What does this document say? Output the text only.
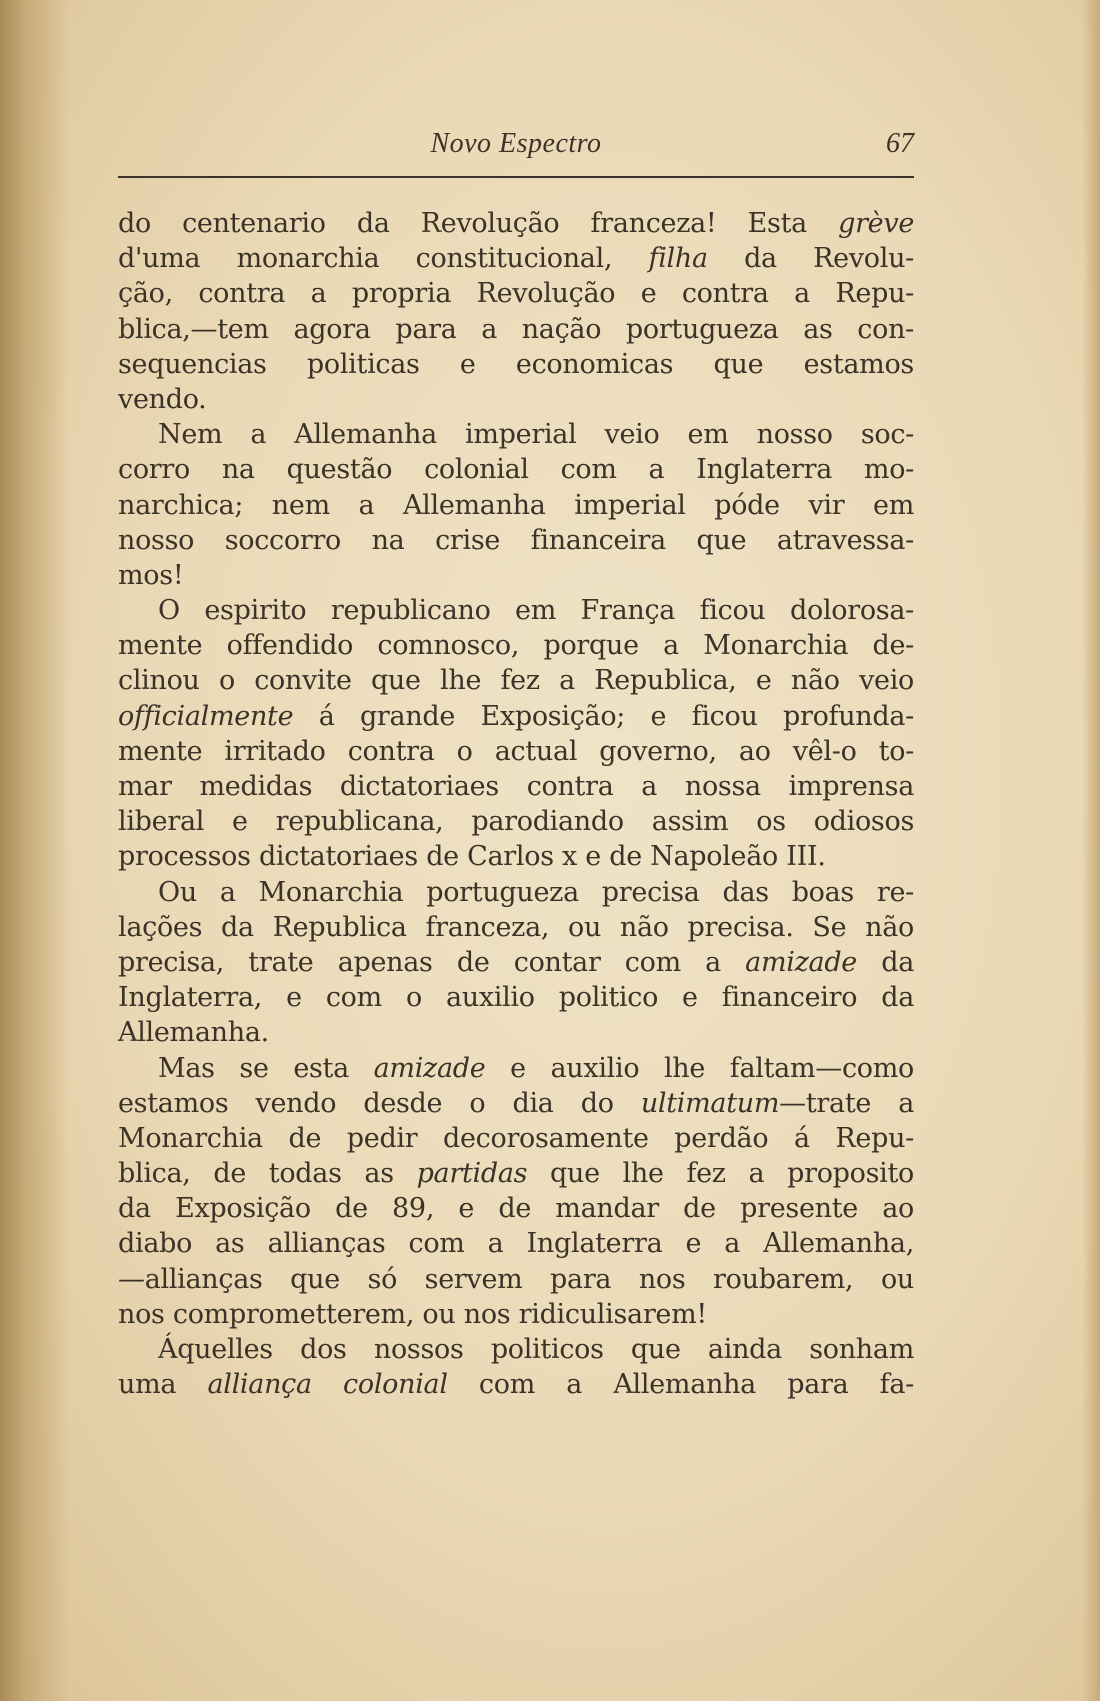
Novo Espectro	67
do centenario da Revolução franceza! Esta grève
d'uma monarchia constitucional, filha da Revolu-
ção, contra a propria Revolução e contra a Repu-
blica,—tem agora para a nação portugueza as con-
sequencias politicas e economicas que estamos
vendo.
Nem a Allemanha imperial veio em nosso soc-
corro na questão colonial com a Inglaterra mo-
narchica; nem a Allemanha imperial póde vir em
nosso soccorro na crise financeira que atravessa-
mos!
O espirito republicano em França ficou dolorosa-
mente offendido comnosco, porque a Monarchia de-
clinou o convite que lhe fez a Republica, e não veio
officialmente á grande Exposição; e ficou profunda-
mente irritado contra o actual governo, ao vêl-o to-
mar medidas dictatoriaes contra a nossa imprensa
liberal e republicana, parodiando assim os odiosos
processos dictatoriaes de Carlos x e de Napoleão III.
Ou a Monarchia portugueza precisa das boas re-
lações da Republica franceza, ou não precisa. Se não
precisa, trate apenas de contar com a amizade da
Inglaterra, e com o auxilio politico e financeiro da
Allemanha.
Mas se esta amizade e auxilio lhe faltam—como
estamos vendo desde o dia do ultimatum—trate a
Monarchia de pedir decorosamente perdão á Repu-
blica, de todas as partidas que lhe fez a proposito
da Exposição de 89, e de mandar de presente ao
diabo as allianças com a Inglaterra e a Allemanha,
—allianças que só servem para nos roubarem, ou
nos comprometterem, ou nos ridiculisarem!
Áquelles dos nossos politicos que ainda sonham
uma alliança colonial com a Allemanha para fa-
